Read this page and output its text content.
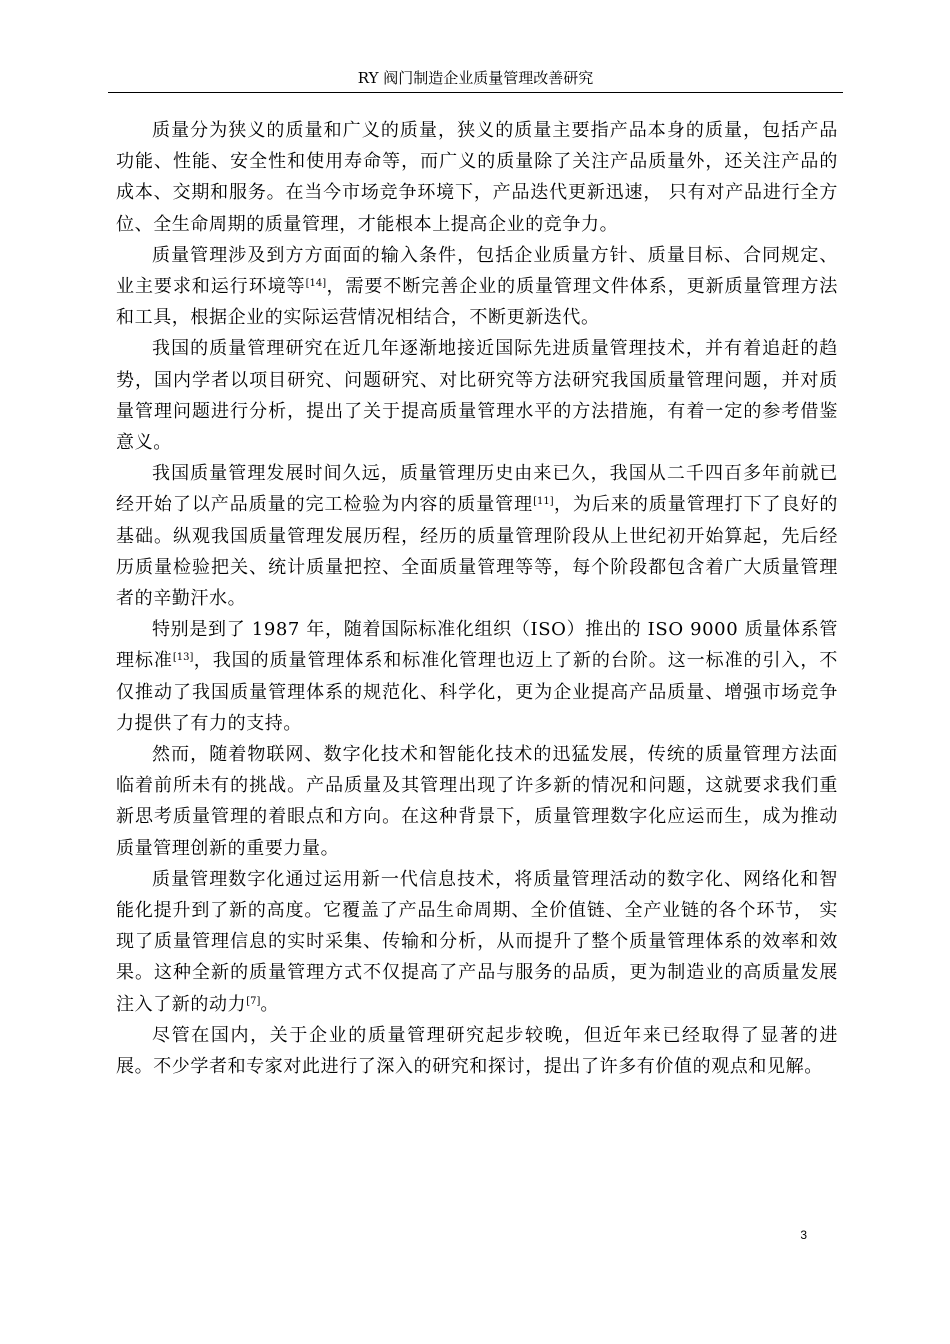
RY 阀门制造企业质量管理改善研究

质量分为狭义的质量和广义的质量，狭义的质量主要指产品本身的质量，包括产品功能、性能、安全性和使用寿命等，而广义的质量除了关注产品质量外，还关注产品的成本、交期和服务。在当今市场竞争环境下，产品迭代更新迅速， 只有对产品进行全方位、全生命周期的质量管理，才能根本上提高企业的竞争力。

质量管理涉及到方方面面的输入条件，包括企业质量方针、质量目标、合同规定、业主要求和运行环境等[14]，需要不断完善企业的质量管理文件体系，更新质量管理方法和工具，根据企业的实际运营情况相结合，不断更新迭代。

我国的质量管理研究在近几年逐渐地接近国际先进质量管理技术，并有着追赶的趋势，国内学者以项目研究、问题研究、对比研究等方法研究我国质量管理问题，并对质量管理问题进行分析，提出了关于提高质量管理水平的方法措施，有着一定的参考借鉴意义。

我国质量管理发展时间久远，质量管理历史由来已久，我国从二千四百多年前就已经开始了以产品质量的完工检验为内容的质量管理[11]，为后来的质量管理打下了良好的基础。纵观我国质量管理发展历程，经历的质量管理阶段从上世纪初开始算起，先后经历质量检验把关、统计质量把控、全面质量管理等等，每个阶段都包含着广大质量管理者的辛勤汗水。

特别是到了 1987 年，随着国际标准化组织（ISO）推出的 ISO 9000 质量体系管理标准[13]，我国的质量管理体系和标准化管理也迈上了新的台阶。这一标准的引入，不仅推动了我国质量管理体系的规范化、科学化，更为企业提高产品质量、增强市场竞争力提供了有力的支持。

然而，随着物联网、数字化技术和智能化技术的迅猛发展，传统的质量管理方法面临着前所未有的挑战。产品质量及其管理出现了许多新的情况和问题，这就要求我们重新思考质量管理的着眼点和方向。在这种背景下，质量管理数字化应运而生，成为推动质量管理创新的重要力量。

质量管理数字化通过运用新一代信息技术，将质量管理活动的数字化、网络化和智能化提升到了新的高度。它覆盖了产品生命周期、全价值链、全产业链的各个环节， 实现了质量管理信息的实时采集、传输和分析，从而提升了整个质量管理体系的效率和效果。这种全新的质量管理方式不仅提高了产品与服务的品质，更为制造业的高质量发展注入了新的动力[7]。

尽管在国内，关于企业的质量管理研究起步较晚，但近年来已经取得了显著的进展。不少学者和专家对此进行了深入的研究和探讨，提出了许多有价值的观点和见解。

3
